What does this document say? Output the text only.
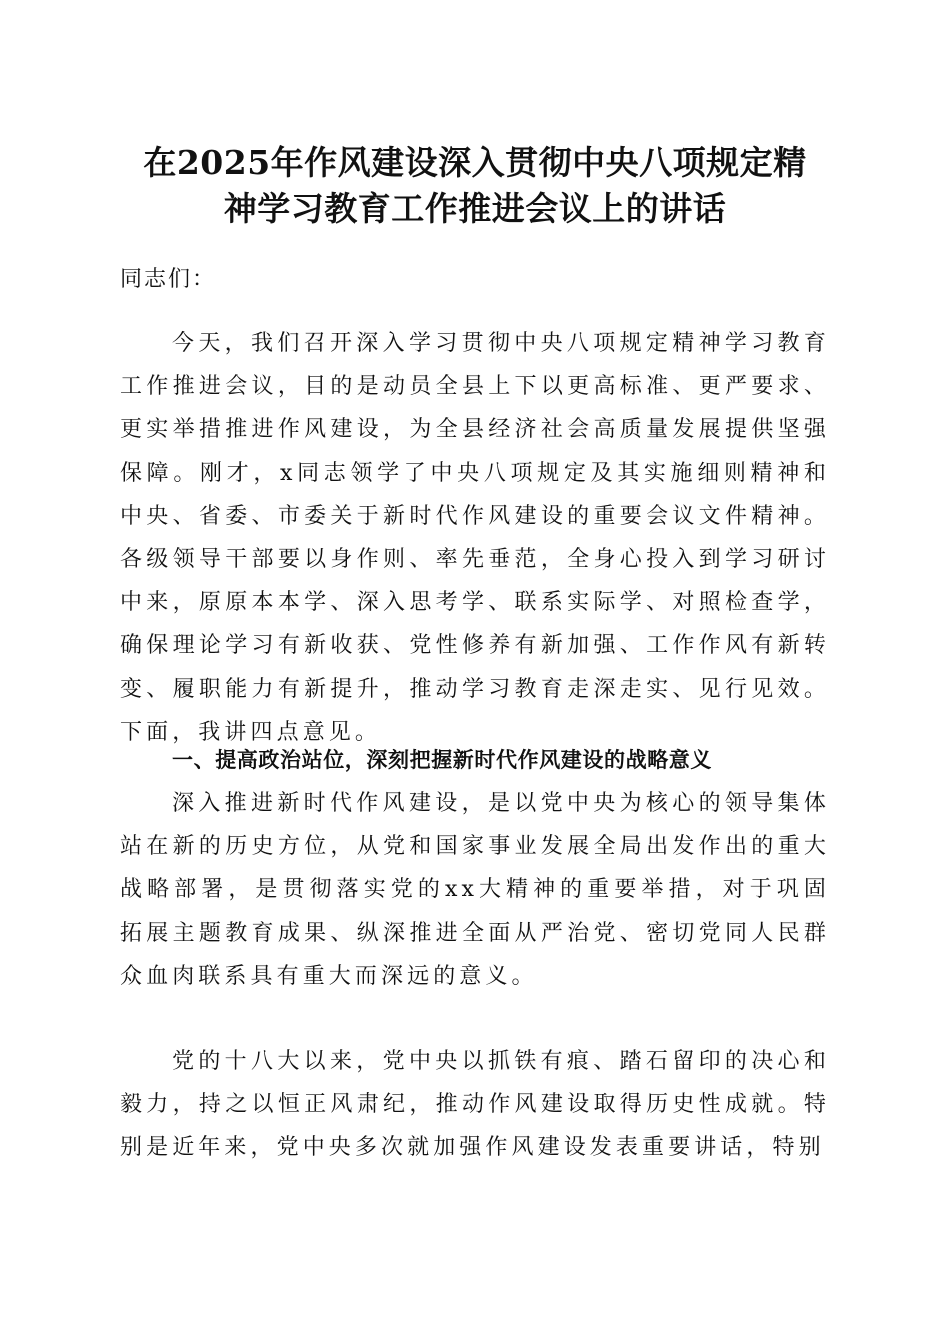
在2025年作风建设深入贯彻中央八项规定精
神学习教育工作推进会议上的讲话

同志们：

今天，我们召开深入学习贯彻中央八项规定精神学习教育工作推进会议，目的是动员全县上下以更高标准、更严要求、更实举措推进作风建设，为全县经济社会高质量发展提供坚强保障。刚才，x同志领学了中央八项规定及其实施细则精神和中央、省委、市委关于新时代作风建设的重要会议文件精神。各级领导干部要以身作则、率先垂范，全身心投入到学习研讨中来，原原本本学、深入思考学、联系实际学、对照检查学，确保理论学习有新收获、党性修养有新加强、工作作风有新转变、履职能力有新提升，推动学习教育走深走实、见行见效。下面，我讲四点意见。

一、提高政治站位，深刻把握新时代作风建设的战略意义

深入推进新时代作风建设，是以党中央为核心的领导集体站在新的历史方位，从党和国家事业发展全局出发作出的重大战略部署，是贯彻落实党的xx大精神的重要举措，对于巩固拓展主题教育成果、纵深推进全面从严治党、密切党同人民群众血肉联系具有重大而深远的意义。

党的十八大以来，党中央以抓铁有痕、踏石留印的决心和毅力，持之以恒正风肃纪，推动作风建设取得历史性成就。特别是近年来，党中央多次就加强作风建设发表重要讲话，特别
